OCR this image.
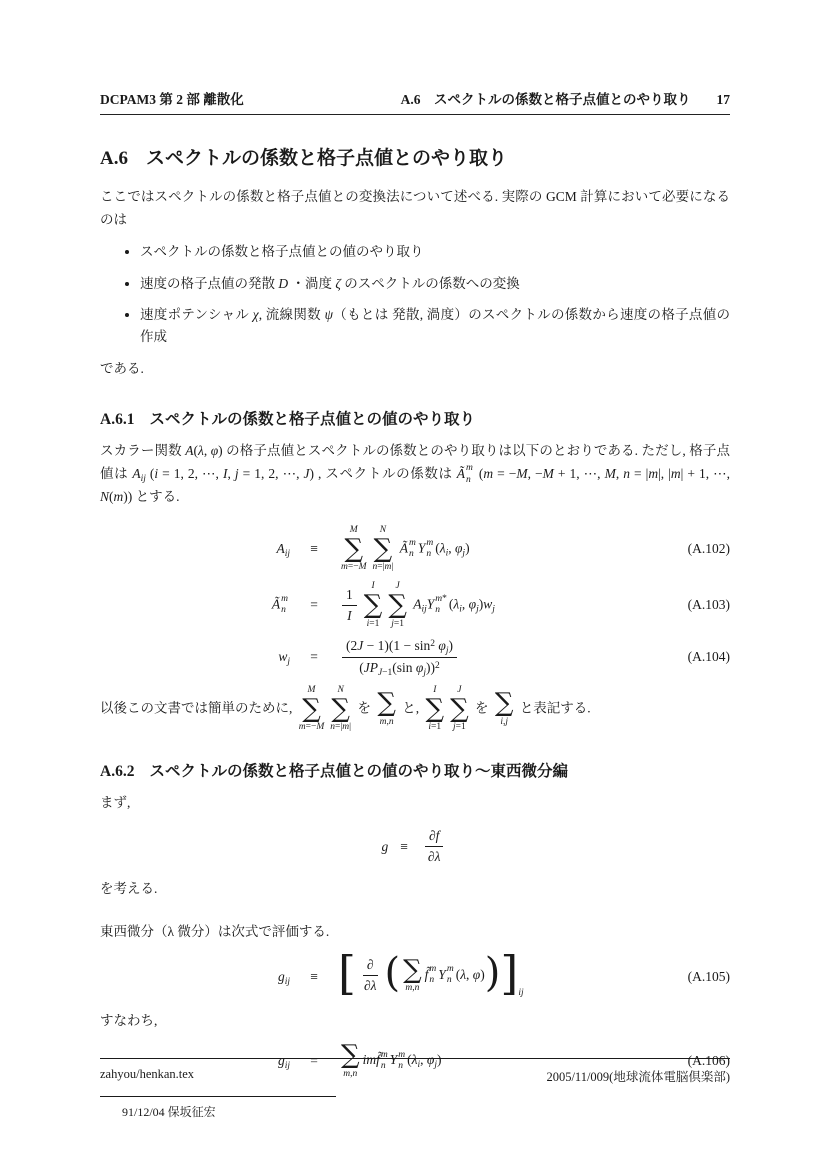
DCPAM3 第 2 部 離散化	A.6  スペクトルの係数と格子点値とのやり取り 17
A.6 スペクトルの係数と格子点値とのやり取り

ここではスペクトルの係数と格子点値との変換法について述べる. 実際の GCM 計算において必要になるのは

• スペクトルの係数と格子点値との値のやり取り
• 速度の格子点値の発散 D ・渦度 ζ のスペクトルの係数への変換
• 速度ポテンシャル χ, 流線関数 ψ（もとは 発散, 渦度）のスペクトルの係数から速度の格子点値の作成

である.

A.6.1 スペクトルの係数と格子点値との値のやり取り

スカラー関数 A(λ, φ) の格子点値とスペクトルの係数とのやり取りは以下のとおりである. ただし, 格子点値は $A_{ij}$ (i = 1, 2, ⋯, I, j = 1, 2, ⋯, J) , スペクトルの係数は Ã m
n (m = −M, −M + 1, ⋯, M, n = |m|, |m| + 1, ⋯, N(m)) とする.

$A_{ij}$	≡
M
∑
m=−M
N
∑
n=|m|
Ã m
n Y m
n ($\lambda_i$, $\varphi_j$)	(A.102)
Ã m
n	=	$\frac{1}{I}$ I
∑
i=1
J
∑
j=1
$A_{ij}Y$ m*
n ($\lambda_i$, $\varphi_j)w_j$	(A.103)
$w_j$	=	$\frac{(2J - 1)(1 - \sin^2 \varphi_j)}{(JP_{J-1}(\sin \varphi_j))^2}$	(A.104)

以後この文書では簡単のために,
M
∑
m=−M
N
∑
n=|m|
を ∑
m,n
と,
I
∑
i=1
J
∑
j=1
を ∑
i,j
と表記する.

A.6.2 スペクトルの係数と格子点値との値のやり取り〜東西微分編

まず,

g ≡	$\frac{\partial f}{\partial\lambda}$

を考える.

東西微分（λ 微分）は次式で評価する.

$g_{ij}$	≡ [ $\frac{\partial}{\partial\lambda}$ ( ∑
m,n
f̃ m
n Y m
n (λ, $\varphi))]_{ij}$
(A.105)

すなわち,

$g_{ij}$	= ∑
m,n
imf̃ m
n Y m
n ($\lambda_i$, $\varphi_j$)	(A.106)
91/12/04 保坂征宏
zahyou/henkan.tex	2005/11/009(地球流体電脳倶楽部)
